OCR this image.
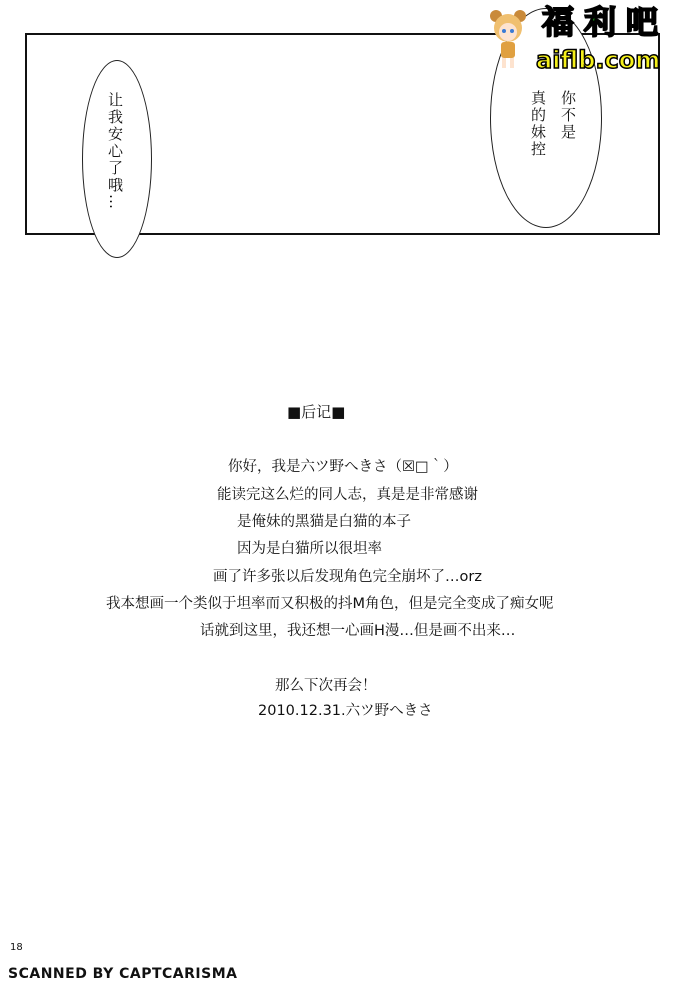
让我安心了哦…	你不是
真的妹控
福利吧
aiflb.com
■后记■
你好，我是六ツ野へきさ（☒□｀）
能读完这么烂的同人志，真是是非常感谢
是俺妹的黑猫是白猫的本子
因为是白猫所以很坦率
画了许多张以后发现角色完全崩坏了…orz
我本想画一个类似于坦率而又积极的抖M角色，但是完全变成了痴女呢
话就到这里，我还想一心画H漫…但是画不出来…
那么下次再会！
2010.12.31.六ツ野へきさ
18
SCANNED BY CAPTCARISMA
